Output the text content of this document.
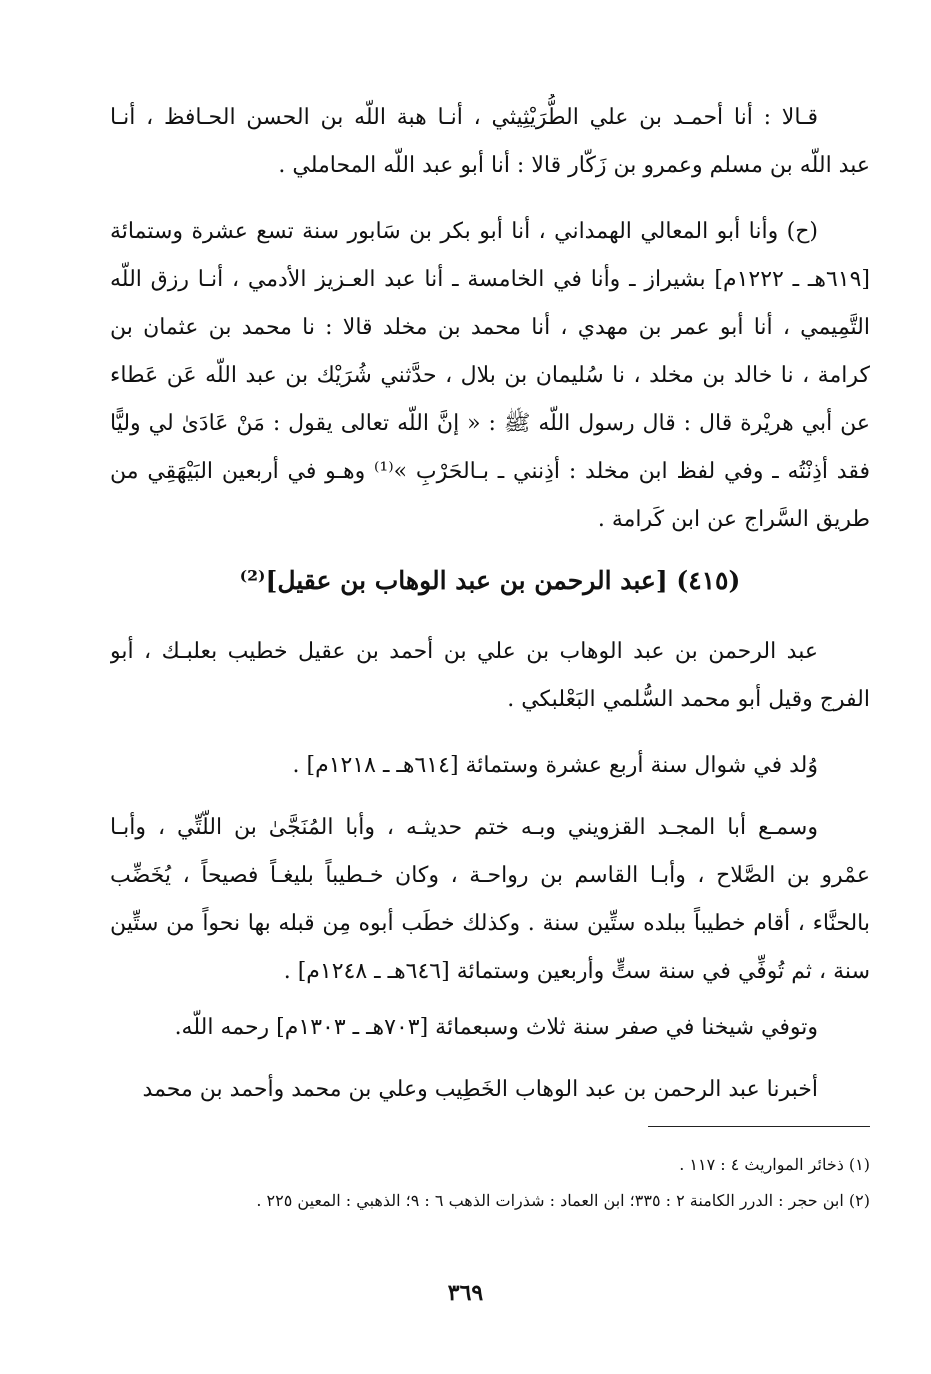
قـالا : أنا أحمـد بن علي الطُّرَيْثِيثي ، أنـا هبة اللّه بن الحسن الحـافظ ، أنـا
عبد اللّه بن مسلم وعمرو بن زَكّار قالا : أنا أبو عبد اللّه المحاملي .
(ح) وأنا أبو المعالي الهمداني ، أنا أبو بكر بن سَابور سنة تسع عشرة وستمائة
[٦١٩هـ ـ ١٢٢٢م] بشيراز ـ وأنا في الخامسة ـ أنا عبد العـزيز الأدمي ، أنـا رزق اللّه
التَّمِيمي ، أنا أبو عمر بن مهدي ، أنا محمد بن مخلد قالا : نا محمد بن عثمان بن
كرامة ، نا خالد بن مخلد ، نا سُليمان بن بلال ، حدَّثني شُرَيْك بن عبد اللّه عَن عَطاء
عن أبي هريْرة قال : قال رسول اللّه ﷺ : « إنَّ اللّه تعالى يقول : مَنْ عَادَىٰ لي وليًّا
فقد أذِنْتُه ـ وفي لفظ ابن مخلد : أذِنني ـ بـالحَرْبِ »⁽¹⁾ وهـو في أربعين البَيْهَقِي من
طريق السَّراج عن ابن كَرامة .
(٤١٥) [عبد الرحمن بن عبد الوهاب بن عقيل]⁽²⁾
عبد الرحمن بن عبد الوهاب بن علي بن أحمد بن عقيل خطيب بعلبـك ، أبو
الفرج وقيل أبو محمد السُّلمي البَعْلبكي .
وُلد في شوال سنة أربع عشرة وستمائة [٦١٤هـ ـ ١٢١٨م] .
وسمـع أبا المجـد القزويني وبـه ختم حديثـه ، وأبا المُنَجَّىٰ بن اللّتِّي ، وأبـا
عمْرو بن الصَّلاح ، وأبـا القاسم بن رواحـة ، وكان خـطيباً بليغـاً فصيحاً ، يُخَضِّب
بالحنَّاء ، أقام خطيباً ببلده ستِّين سنة . وكذلك خطَب أبوه مِن قبله بها نحواً من ستِّين
سنة ، ثم تُوفِّي في سنة ستٍّ وأربعين وستمائة [٦٤٦هـ ـ ١٢٤٨م] .
وتوفي شيخنا في صفر سنة ثلاث وسبعمائة [٧٠٣هـ ـ ١٣٠٣م] رحمه اللّه.
أخبرنا عبد الرحمن بن عبد الوهاب الخَطِيب وعلي بن محمد وأحمد بن محمد
(١) ذخائر المواريث ٤ : ١١٧ .
(٢) ابن حجر : الدرر الكامنة ٢ : ٣٣٥؛ ابن العماد : شذرات الذهب ٦ : ٩؛ الذهبي : المعين ٢٢٥ .
٣٦٩
